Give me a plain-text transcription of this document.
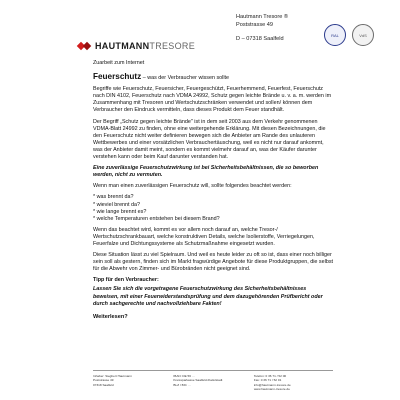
HAUTMANNTRESORE
Hautmann Tresore ®
Poststrasse 49
D – 07318 Saalfeld
RAL	VdS
Zuarbeit zum Internet
Feuerschutz – was der Verbraucher wissen sollte

Begriffe wie Feuerschutz, Feuersicher, Feuergeschützt, Feuerhemmend, Feuerfest, Feuerschutz nach DIN 4102, Feuerschutz nach VDMA 24992, Schutz gegen leichte Brände u. v. a. m. werden im Zusammenhang mit Tresoren und Wertschutzschränken verwendet und sollen/ können dem Verbraucher den Eindruck vermitteln, dass dieses Produkt dem Feuer standhält.

Der Begriff „Schutz gegen leichte Brände" ist in dem seit 2003 aus dem Verkehr genommenen VDMA-Blatt 24992 zu finden, ohne eine weitergehende Erklärung. Mit diesen Bezeichnungen, die den Feuerschutz nicht weiter definieren bewegen sich die Anbieter am Rande des unlauteren Wettbewerbes und einer vorsätzlichen Verbrauchertäuschung, weil es nicht nur darauf ankommt, was der Anbieter damit meint, sondern es kommt vielmehr darauf an, was der Käufer darunter verstehen kann oder beim Kauf darunter verstanden hat.

Eine zuverlässige Feuerschutzwirkung ist bei Sicherheitsbehältnissen, die so beworben werden, nicht zu vermuten.

Wenn man einen zuverlässigen Feuerschutz will, sollte folgendes beachtet werden:

* was brennt da?
* wieviel brennt da?
* wie lange brennt es?
* welche Temperaturen entstehen bei diesem Brand?

Wenn das beachtet wird, kommt es vor allem noch darauf an, welche Tresor-/ Wertschutzschrankbauart, welche konstruktiven Details, welche Isolierstoffe, Verriegelungen, Feuerfalze und Dichtungssysteme als Schutzmaßnahme eingesetzt wurden.

Diese Situation lässt zu viel Spielraum. Und weil es heute leider zu oft so ist, dass einer noch billiger sein soll als gestern, finden sich im Markt fragwürdige Angebote für diese Produktgruppen, die selbst für die Abwehr von Zimmer- und Bürobränden nicht geeignet sind.

Tipp für den Verbraucher:

Lassen Sie sich die vorgetragene Feuerschutzwirkung des Sicherheitsbehältnisses beweisen, mit einer Feuerwiderstandsprüfung und dem dazugehörenden Prüfbericht oder durch sachgerechte und nachvollziehbare Fakten!

Weiterlesen?
Inhaber: Siegbert Hautmann
Poststrasse 49
07318 Saalfeld
IBAN: DE 56 …
Kreissparkasse Saalfeld-Rudolstadt
BLZ / BIC …
Telefon: 0 36 71 / 52 00
Fax: 0 36 71 / 52 01
info@hautmann-tresore.de
www.hautmann-tresore.de
